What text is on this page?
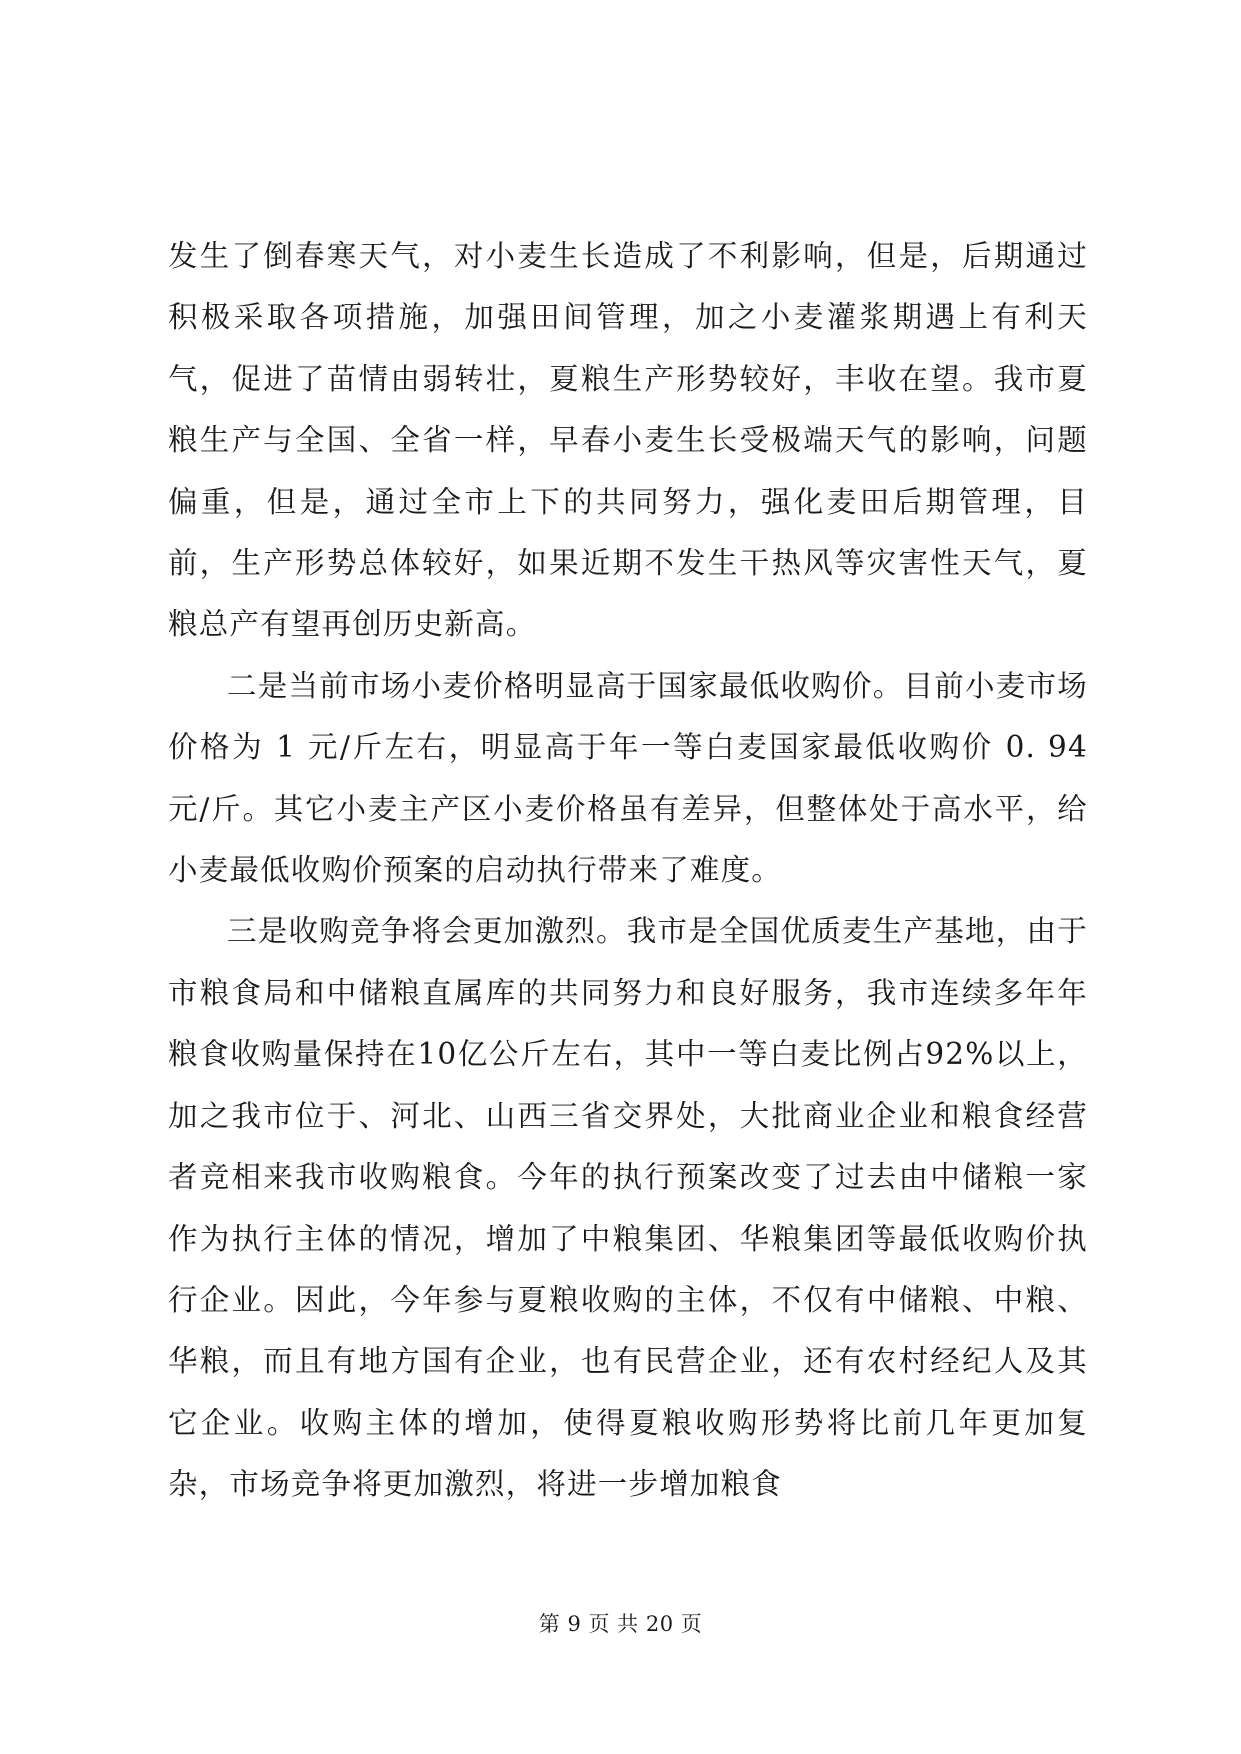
发生了倒春寒天气，对小麦生长造成了不利影响，但是，后期通过积极采取各项措施，加强田间管理，加之小麦灌浆期遇上有利天气，促进了苗情由弱转壮，夏粮生产形势较好，丰收在望。我市夏粮生产与全国、全省一样，早春小麦生长受极端天气的影响，问题偏重，但是，通过全市上下的共同努力，强化麦田后期管理，目前，生产形势总体较好，如果近期不发生干热风等灾害性天气，夏粮总产有望再创历史新高。

二是当前市场小麦价格明显高于国家最低收购价。目前小麦市场价格为 1 元/斤左右，明显高于年一等白麦国家最低收购价 0. 94 元/斤。其它小麦主产区小麦价格虽有差异，但整体处于高水平，给小麦最低收购价预案的启动执行带来了难度。

三是收购竞争将会更加激烈。我市是全国优质麦生产基地，由于市粮食局和中储粮直属库的共同努力和良好服务，我市连续多年年粮食收购量保持在10亿公斤左右，其中一等白麦比例占92%以上，加之我市位于、河北、山西三省交界处，大批商业企业和粮食经营者竞相来我市收购粮食。今年的执行预案改变了过去由中储粮一家作为执行主体的情况，增加了中粮集团、华粮集团等最低收购价执行企业。因此，今年参与夏粮收购的主体，不仅有中储粮、中粮、华粮，而且有地方国有企业，也有民营企业，还有农村经纪人及其它企业。收购主体的增加，使得夏粮收购形势将比前几年更加复杂，市场竞争将更加激烈，将进一步增加粮食

第 9 页 共 20 页
